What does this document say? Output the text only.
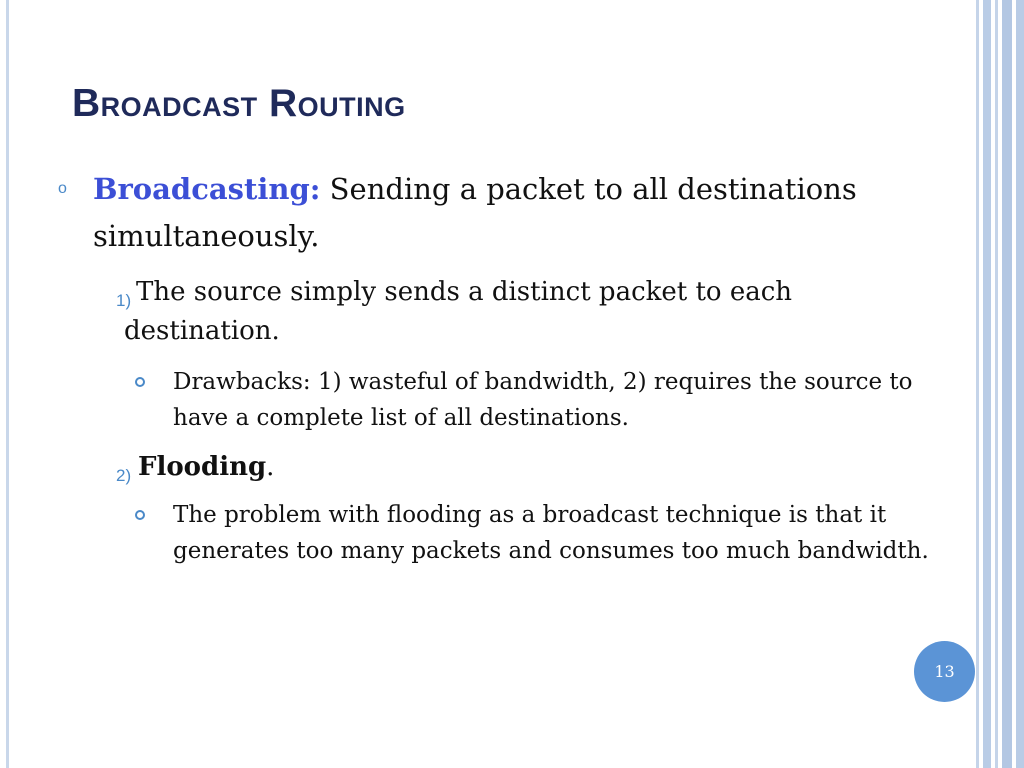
Broadcast Routing
o Broadcasting: Sending a packet to all destinations simultaneously.
1) The source simply sends a distinct packet to each destination.
Drawbacks: 1) wasteful of bandwidth, 2) requires the source to have a complete list of all destinations.
2) Flooding.
The problem with flooding as a broadcast technique is that it generates too many packets and consumes too much bandwidth.
13
